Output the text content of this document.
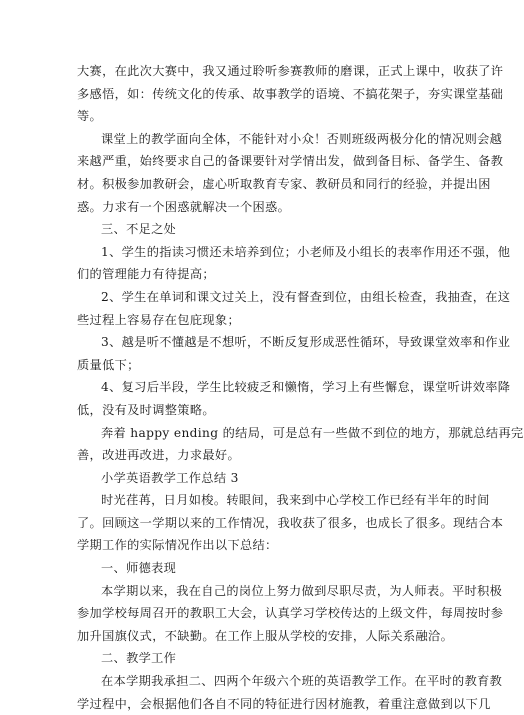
大赛，在此次大赛中，我又通过聆听参赛教师的磨课，正式上课中，收获了许
多感悟，如：传统文化的传承、故事教学的语境、不搞花架子，夯实课堂基础
等。
课堂上的教学面向全体，不能针对小众！否则班级两极分化的情况则会越
来越严重，始终要求自己的备课要针对学情出发，做到备目标、备学生、备教
材。积极参加教研会，虚心听取教育专家、教研员和同行的经验，并提出困
惑。力求有一个困惑就解决一个困惑。
三、不足之处
1、学生的指读习惯还未培养到位；小老师及小组长的表率作用还不强，他
们的管理能力有待提高；
2、学生在单词和课文过关上，没有督查到位，由组长检查，我抽查，在这
些过程上容易存在包庇现象；
3、越是听不懂越是不想听，不断反复形成恶性循环，导致课堂效率和作业
质量低下；
4、复习后半段，学生比较疲乏和懒惰，学习上有些懈怠，课堂听讲效率降
低，没有及时调整策略。
奔着 happy ending 的结局，可是总有一些做不到位的地方，那就总结再完
善，改进再改进，力求最好。
小学英语教学工作总结 3
时光荏苒，日月如梭。转眼间，我来到中心学校工作已经有半年的时间
了。回顾这一学期以来的工作情况，我收获了很多，也成长了很多。现结合本
学期工作的实际情况作出以下总结：
一、师德表现
本学期以来，我在自己的岗位上努力做到尽职尽责，为人师表。平时积极
参加学校每周召开的教职工大会，认真学习学校传达的上级文件，每周按时参
加升国旗仪式，不缺勤。在工作上服从学校的安排，人际关系融洽。
二、教学工作
在本学期我承担二、四两个年级六个班的英语教学工作。在平时的教育教
学过程中，会根据他们各自不同的特征进行因材施教，着重注意做到以下几
